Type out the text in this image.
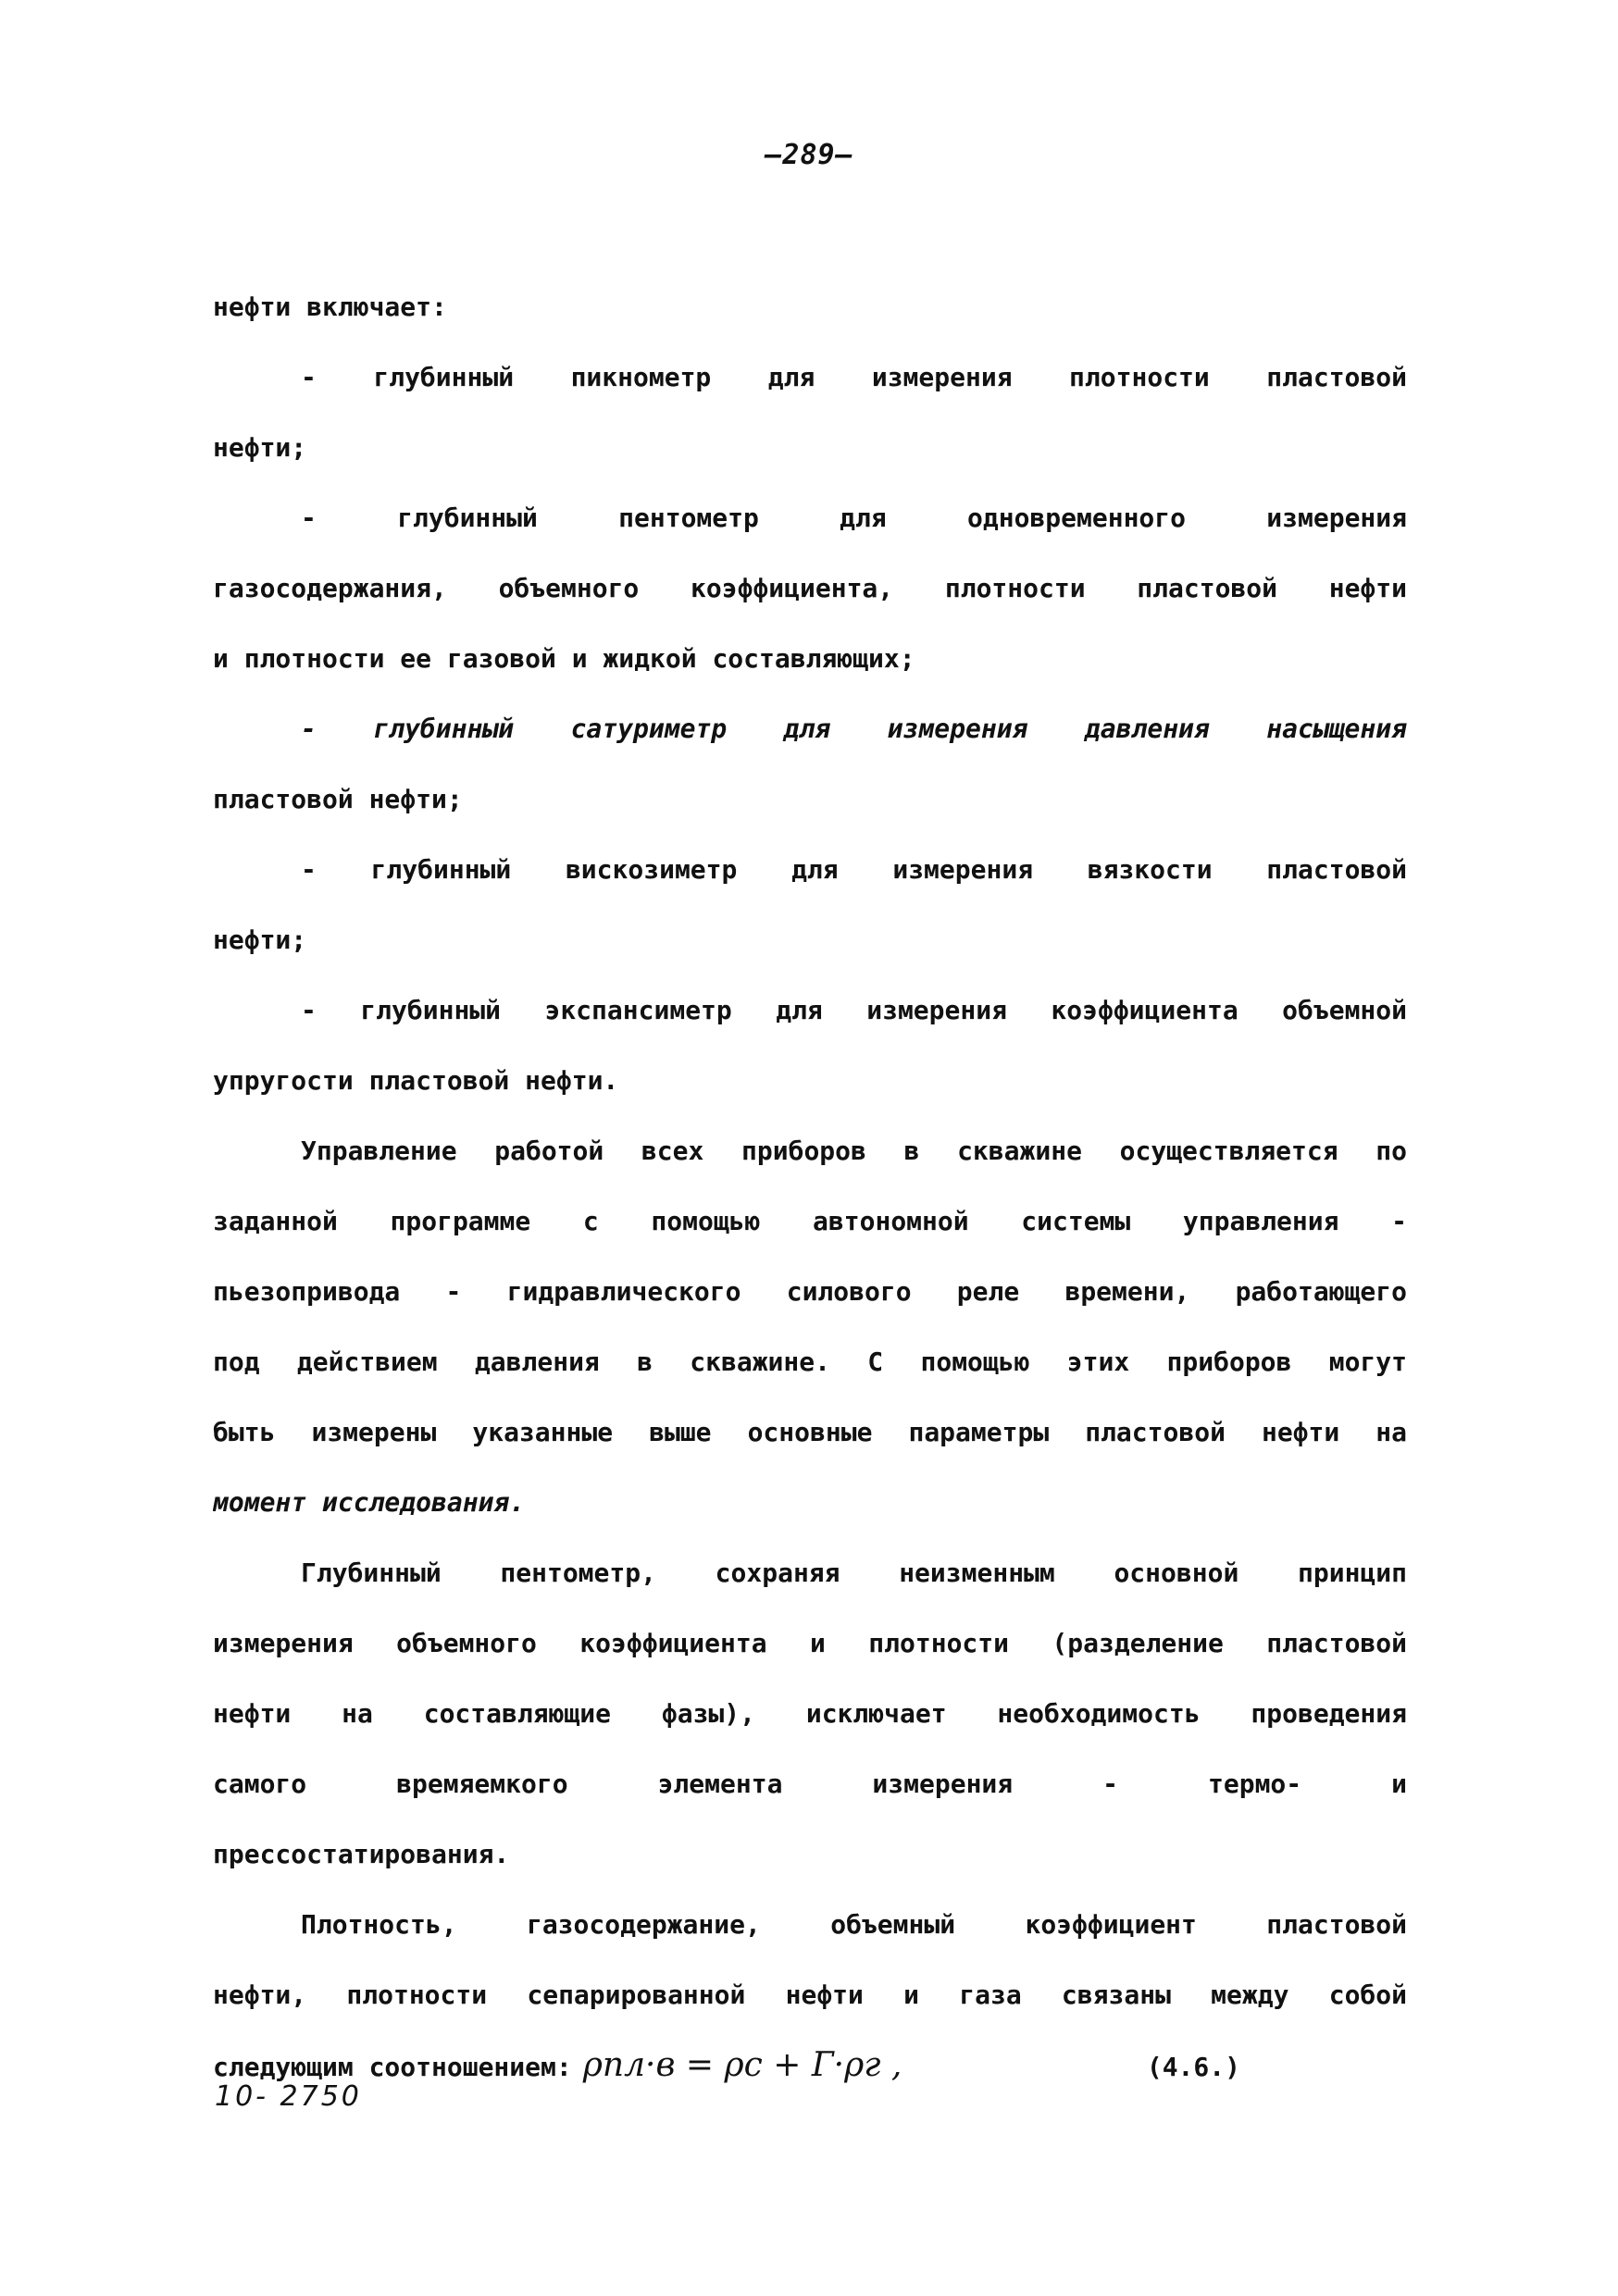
—289—
нефти включает:
- глубинный пикнометр для измерения плотности пластовой
нефти;
- глубинный пентометр для одновременного измерения
газосодержания, объемного коэффициента, плотности пластовой нефти
и плотности ее газовой и жидкой составляющих;
- глубинный сатуриметр для измерения давления насыщения
пластовой нефти;
- глубинный вискозиметр для измерения вязкости пластовой
нефти;
- глубинный экспансиметр для измерения коэффициента объемной
упругости пластовой нефти.
Управление работой всех приборов в скважине осуществляется по
заданной программе с помощью автономной системы управления -
пьезопривода - гидравлического силового реле времени, работающего
под действием давления в скважине. С помощью этих приборов могут
быть измерены указанные выше основные параметры пластовой нефти на
момент исследования.
Глубинный пентометр, сохраняя неизменным основной принцип
измерения объемного коэффициента и плотности (разделение пластовой
нефти на составляющие фазы), исключает необходимость проведения
самого времяемкого элемента измерения - термо- и
прессостатирования.
Плотность, газосодержание, объемный коэффициент пластовой
нефти, плотности сепарированной нефти и газа связаны между собой
следующим соотношением: ρпл·в = ρс + Г·ρг ,	(4.6.)
10- 2750
